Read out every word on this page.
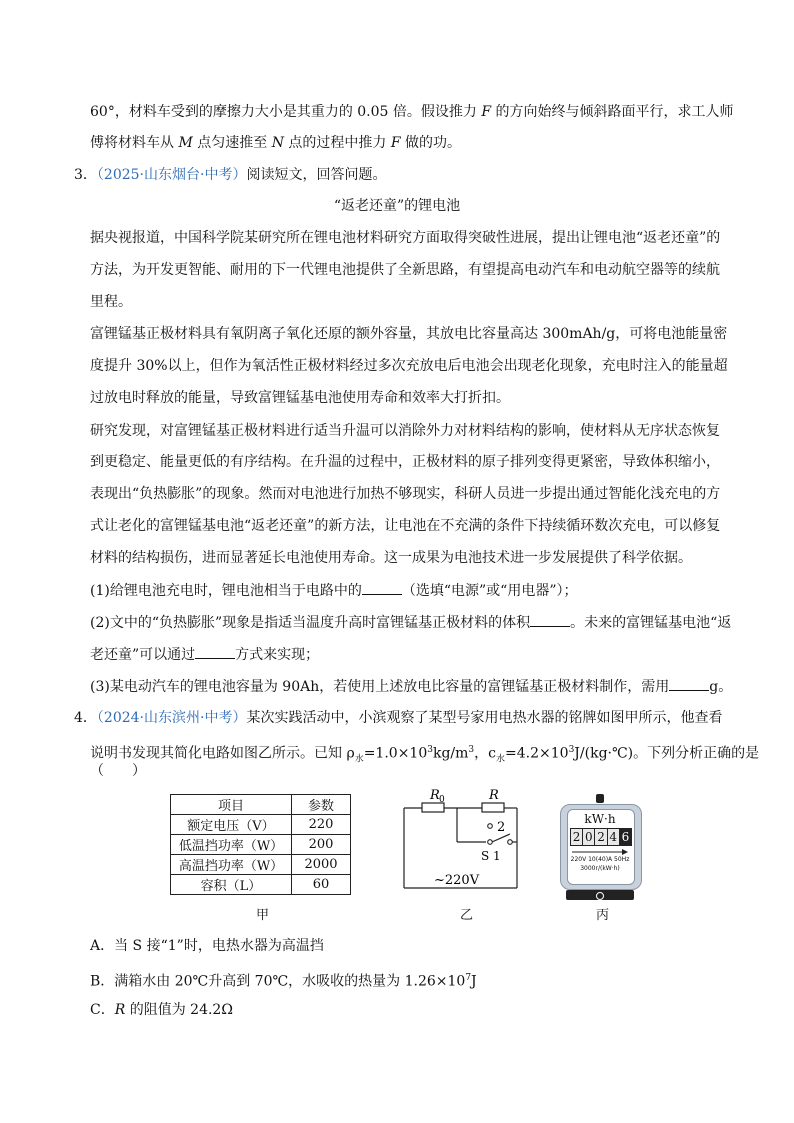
60°，材料车受到的摩擦力大小是其重力的 0.05 倍。假设推力 F 的方向始终与倾斜路面平行，求工人师
傅将材料车从 M 点匀速推至 N 点的过程中推力 F 做的功。
3．（2025·山东烟台·中考）阅读短文，回答问题。
“返老还童”的锂电池
据央视报道，中国科学院某研究所在锂电池材料研究方面取得突破性进展，提出让锂电池“返老还童”的
方法，为开发更智能、耐用的下一代锂电池提供了全新思路，有望提高电动汽车和电动航空器等的续航
里程。
富锂锰基正极材料具有氧阴离子氧化还原的额外容量，其放电比容量高达 300mAh/g，可将电池能量密
度提升 30%以上，但作为氧活性正极材料经过多次充放电后电池会出现老化现象，充电时注入的能量超
过放电时释放的能量，导致富锂锰基电池使用寿命和效率大打折扣。
研究发现，对富锂锰基正极材料进行适当升温可以消除外力对材料结构的影响，使材料从无序状态恢复
到更稳定、能量更低的有序结构。在升温的过程中，正极材料的原子排列变得更紧密，导致体积缩小，
表现出“负热膨胀”的现象。然而对电池进行加热不够现实，科研人员进一步提出通过智能化浅充电的方
式让老化的富锂锰基电池“返老还童”的新方法，让电池在不充满的条件下持续循环数次充电，可以修复
材料的结构损伤，进而显著延长电池使用寿命。这一成果为电池技术进一步发展提供了科学依据。
(1)给锂电池充电时，锂电池相当于电路中的	（选填“电源”或“用电器”）；
(2)文中的“负热膨胀”现象是指适当温度升高时富锂锰基正极材料的体积	。未来的富锂锰基电池“返
老还童”可以通过	方式来实现；
(3)某电动汽车的锂电池容量为 90Ah，若使用上述放电比容量的富锂锰基正极材料制作，需用	g。
4．（2024·山东滨州·中考）某次实践活动中，小滨观察了某型号家用电热水器的铭牌如图甲所示，他查看
说明书发现其简化电路如图乙所示。已知 $\rho_水=1.0\times 10^3kg/m^3$，$c_水=4.2\times 10^3J/(kg\cdot℃)$。下列分析正确的是
（　　）
项目	参数
额定电压（V）	220
低温挡功率（W）	200
高温挡功率（W）	2000
容积（L）	60
甲
R 0	R
2
S 1
~220V
乙
kW·h
2 0 2 4 6
220V 10(40)A 50Hz
3000r/(kW·h)
丙
A．当 S 接“1”时，电热水器为高温挡
B．满箱水由 20℃升高到 70℃，水吸收的热量为 $1.26\times 10^7J$
C．R 的阻值为 24.2Ω
